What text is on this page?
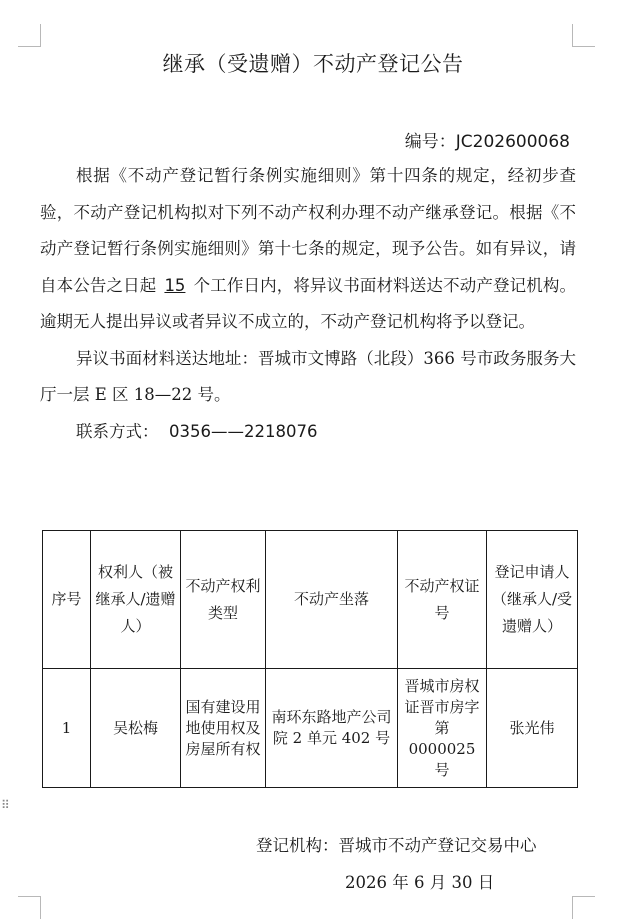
继承（受遗赠）不动产登记公告
编号：JC202600068

根据《不动产登记暂行条例实施细则》第十四条的规定，经初步查验，不动产登记机构拟对下列不动产权利办理不动产继承登记。根据《不动产登记暂行条例实施细则》第十七条的规定，现予公告。如有异议，请自本公告之日起 15 个工作日内，将异议书面材料送达不动产登记机构。逾期无人提出异议或者异议不成立的，不动产登记机构将予以登记。

异议书面材料送达地址：晋城市文博路（北段）366 号市政务服务大厅一层 E 区 18—22 号。

联系方式： 0356——2218076

序号	权利人（被继承人/遗赠人）	不动产权利类型	不动产坐落	不动产权证号	登记申请人（继承人/受遗赠人）
1	吴松梅	国有建设用地使用权及房屋所有权	南环东路地产公司院 2 单元 402 号	晋城市房权证晋市房字第 0000025 号	张光伟
⠿
登记机构：晋城市不动产登记交易中心
2026 年 6 月 30 日
